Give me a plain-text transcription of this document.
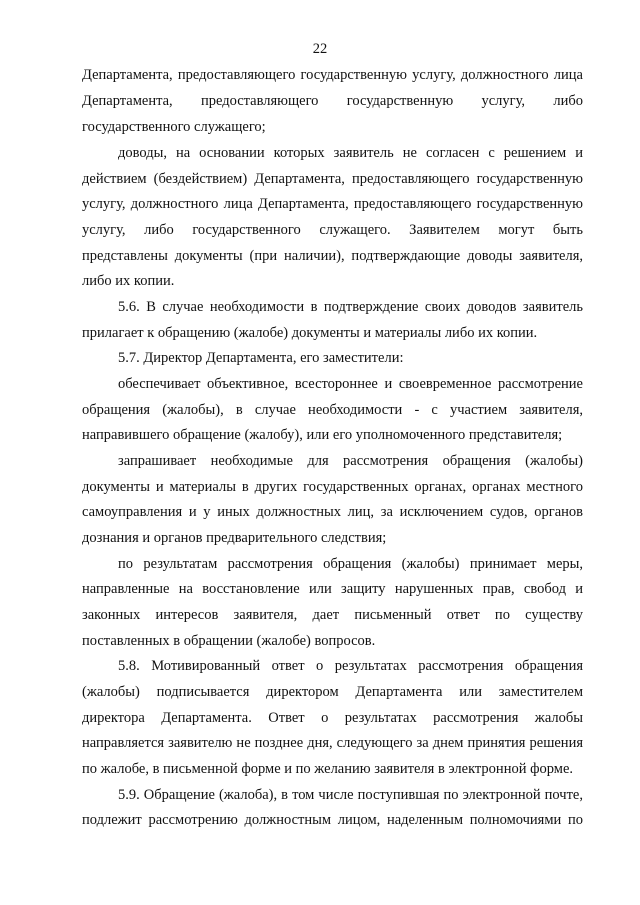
22
Департамента, предоставляющего государственную услугу, должностного лица
Департамента, предоставляющего государственную услугу, либо
государственного служащего;
доводы, на основании которых заявитель не согласен с решением и
действием (бездействием) Департамента, предоставляющего государственную
услугу, должностного лица Департамента, предоставляющего государственную
услугу, либо государственного служащего. Заявителем могут быть
представлены документы (при наличии), подтверждающие доводы заявителя,
либо их копии.
5.6. В случае необходимости в подтверждение своих доводов заявитель
прилагает к обращению (жалобе) документы и материалы либо их копии.
5.7. Директор Департамента, его заместители:
обеспечивает объективное, всестороннее и своевременное рассмотрение
обращения (жалобы), в случае необходимости - с участием заявителя,
направившего обращение (жалобу), или его уполномоченного представителя;
запрашивает необходимые для рассмотрения обращения (жалобы)
документы и материалы в других государственных органах, органах местного
самоуправления и у иных должностных лиц, за исключением судов, органов
дознания и органов предварительного следствия;
по результатам рассмотрения обращения (жалобы) принимает меры,
направленные на восстановление или защиту нарушенных прав, свобод и
законных интересов заявителя, дает письменный ответ по существу
поставленных в обращении (жалобе) вопросов.
5.8. Мотивированный ответ о результатах рассмотрения обращения
(жалобы) подписывается директором Департамента или заместителем
директора Департамента. Ответ о результатах рассмотрения жалобы
направляется заявителю не позднее дня, следующего за днем принятия решения
по жалобе, в письменной форме и по желанию заявителя в электронной форме.
5.9. Обращение (жалоба), в том числе поступившая по электронной почте,
подлежит рассмотрению должностным лицом, наделенным полномочиями по
